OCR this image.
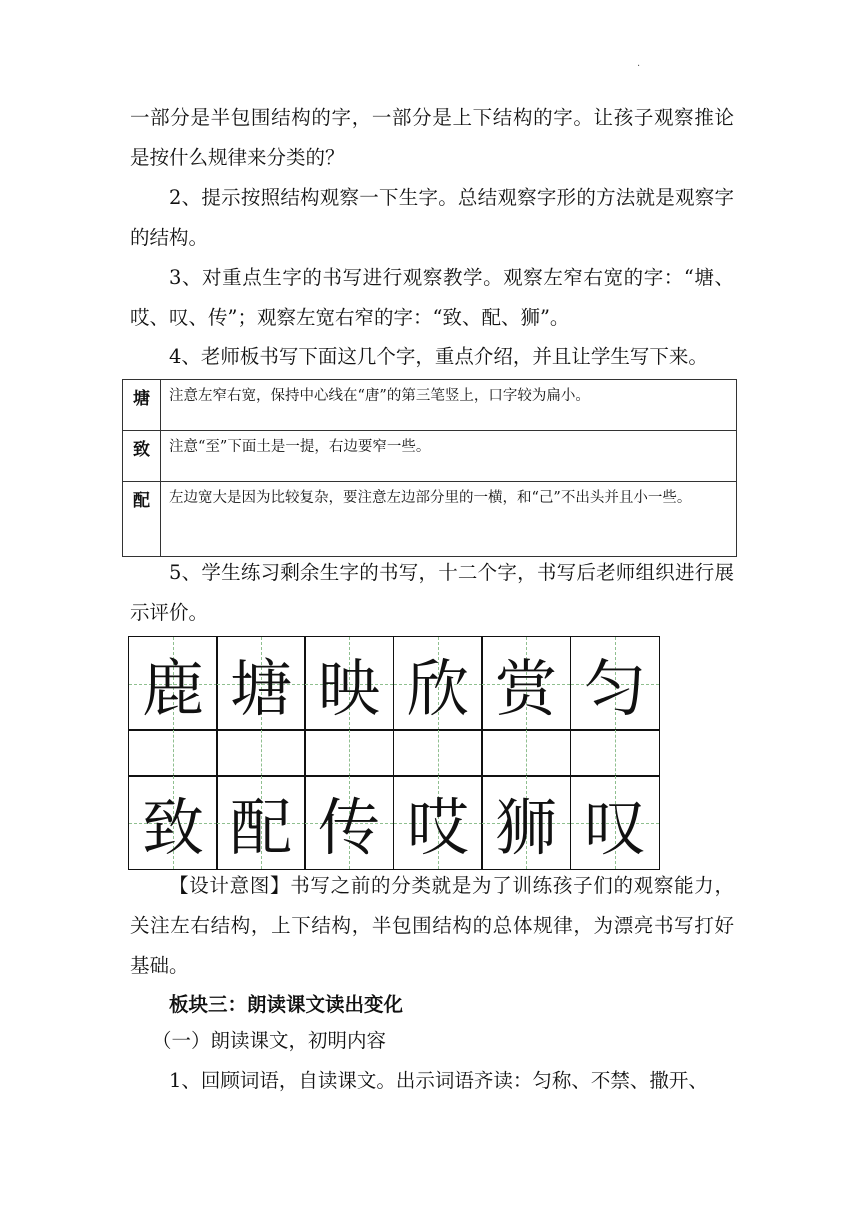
.
一部分是半包围结构的字，一部分是上下结构的字。让孩子观察推论是按什么规律来分类的？
2、提示按照结构观察一下生字。总结观察字形的方法就是观察字的结构。
3、对重点生字的书写进行观察教学。观察左窄右宽的字：“塘、哎、叹、传”；观察左宽右窄的字：“致、配、狮”。
4、老师板书写下面这几个字，重点介绍，并且让学生写下来。
塘	注意左窄右宽，保持中心线在“唐”的第三笔竖上，口字较为扁小。
致	注意“至”下面土是一提，右边要窄一些。
配	左边宽大是因为比较复杂，要注意左边部分里的一横，和“己”不出头并且小一些。
5、学生练习剩余生字的书写，十二个字，书写后老师组织进行展示评价。
鹿 塘 映 欣 赏 匀
致 配 传 哎 狮 叹
【设计意图】书写之前的分类就是为了训练孩子们的观察能力，关注左右结构，上下结构，半包围结构的总体规律，为漂亮书写打好基础。
板块三：朗读课文读出变化
（一）朗读课文，初明内容
1、回顾词语，自读课文。出示词语齐读：匀称、不禁、撒开、
